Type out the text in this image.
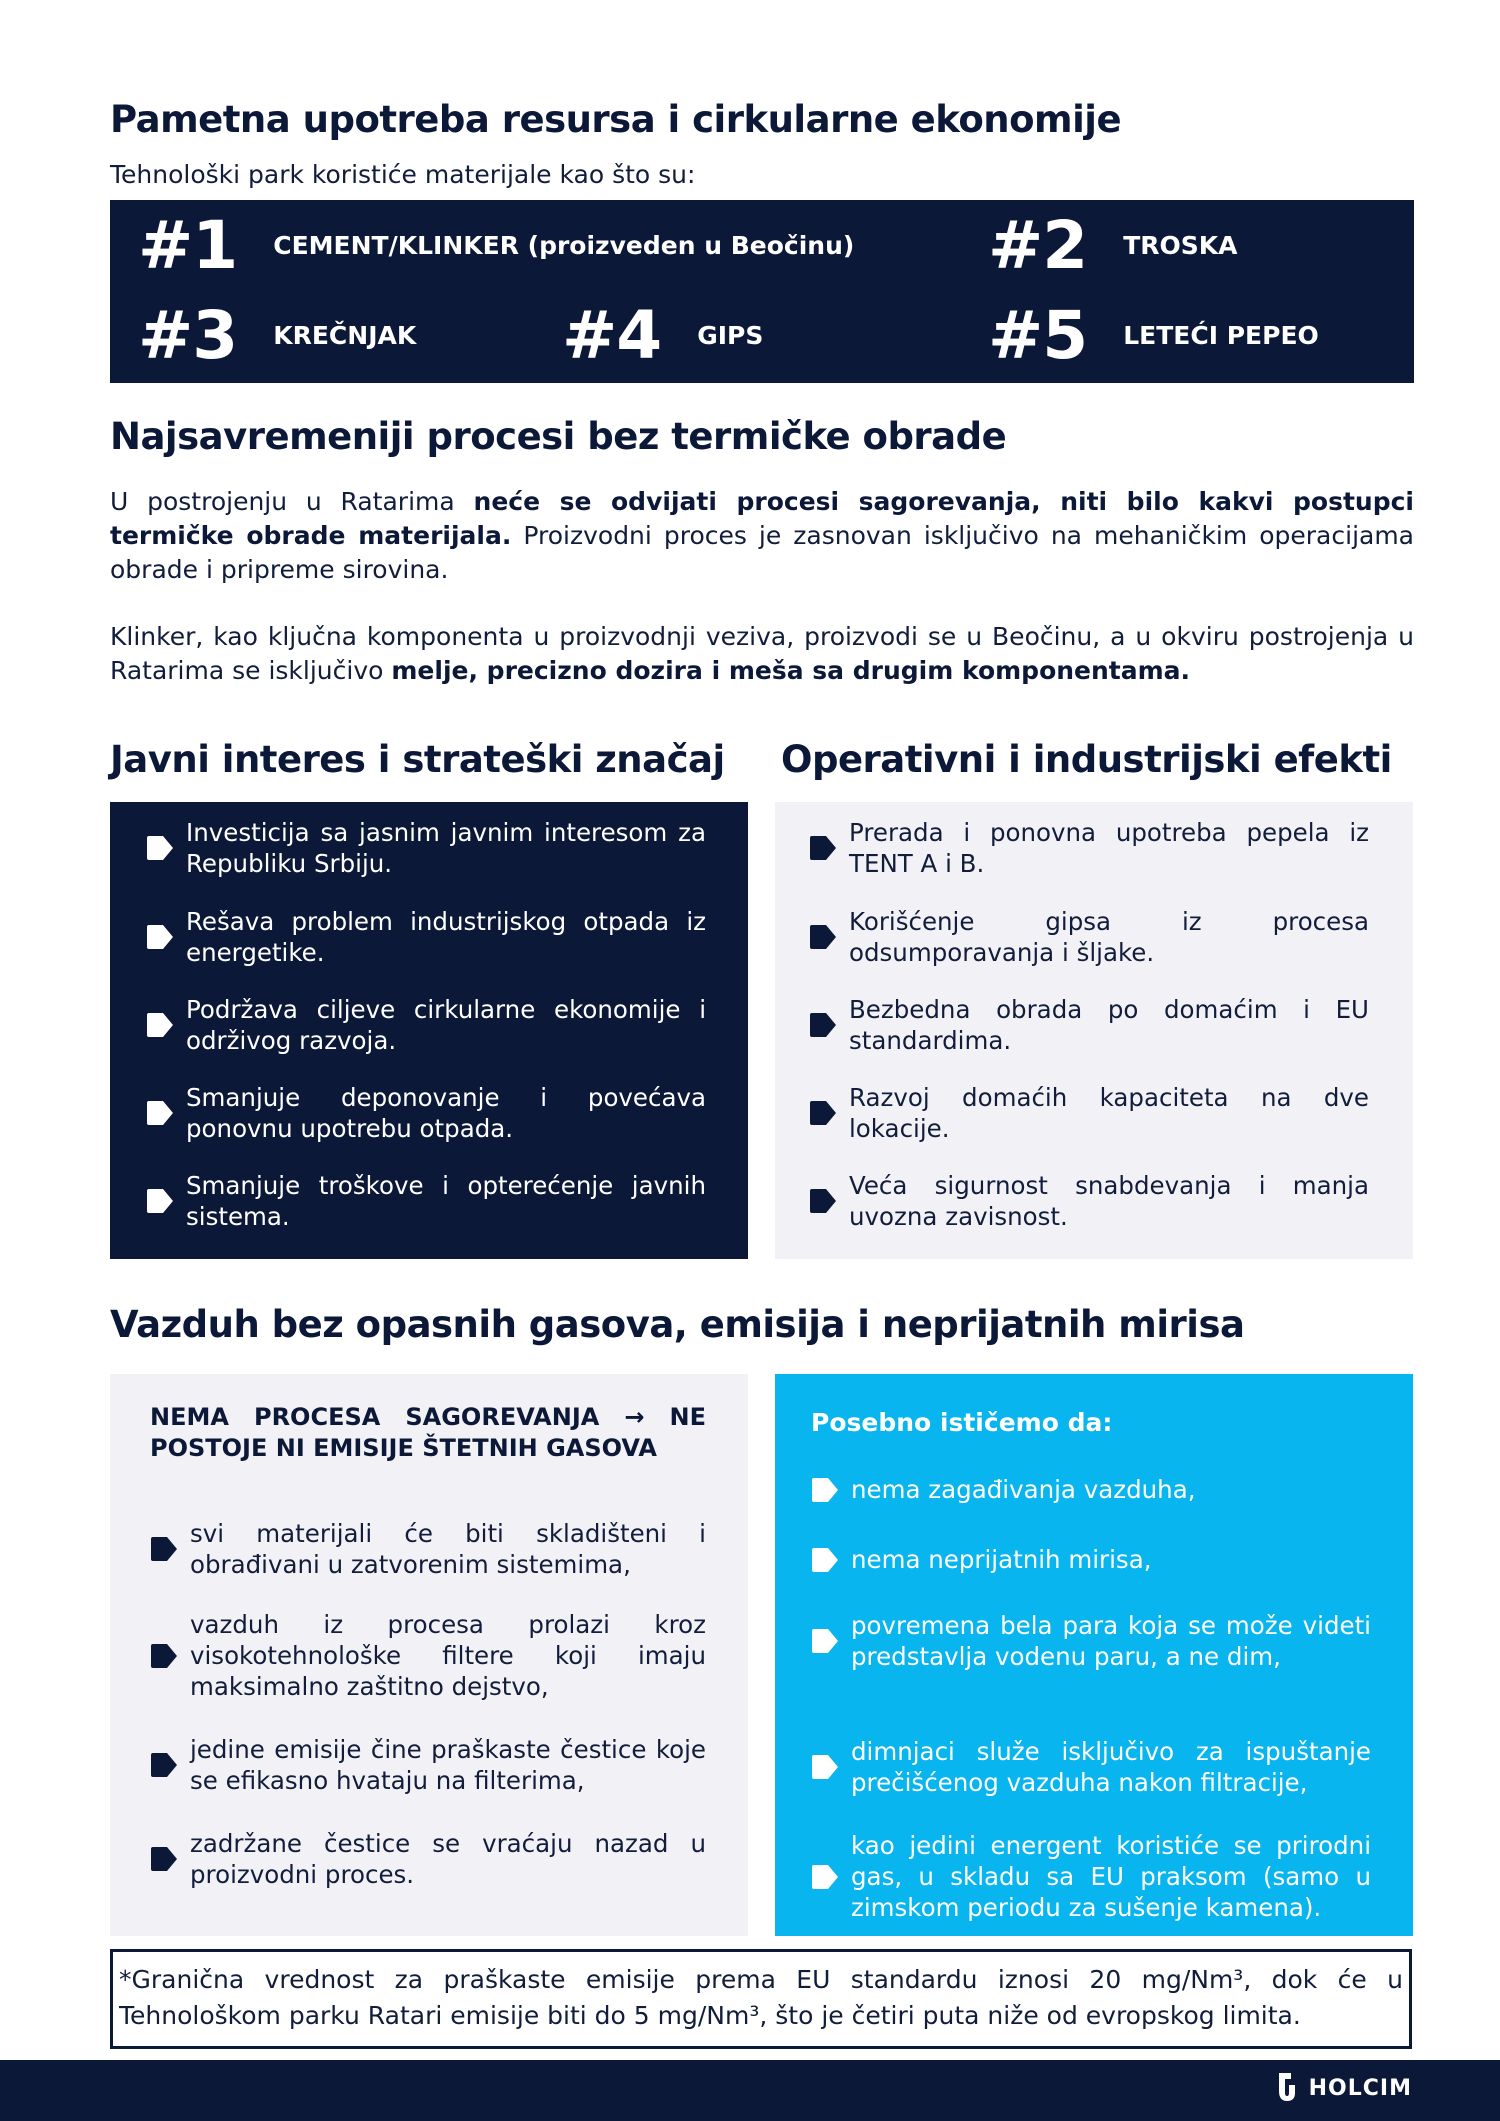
Pametna upotreba resursa i cirkularne ekonomije
Tehnološki park koristiće materijale kao što su:
#1 CEMENT/KLINKER (proizveden u Beočinu) #2 TROSKA
#3 KREČNJAK #4 GIPS	#5 LETEĆI PEPEO
Najsavremeniji procesi bez termičke obrade
U postrojenju u Ratarima neće se odvijati procesi sagorevanja, niti bilo kakvi postupci termičke obrade materijala. Proizvodni proces je zasnovan isključivo na mehaničkim operacijama obrade i pripreme sirovina.
Klinker, kao ključna komponenta u proizvodnji veziva, proizvodi se u Beočinu, a u okviru postrojenja u Ratarima se isključivo melje, precizno dozira i meša sa drugim komponentama.
Javni interes i strateški značaj Operativni i industrijski efekti
Investicija sa jasnim javnim interesom za Republiku Srbiju.
Rešava problem industrijskog otpada iz energetike.
Podržava ciljeve cirkularne ekonomije i održivog razvoja.
Smanjuje deponovanje i povećava ponovnu upotrebu otpada.
Smanjuje troškove i opterećenje javnih sistema.
Prerada i ponovna upotreba pepela iz TENT A i B.
Korišćenje gipsa iz procesa odsumporavanja i šljake.
Bezbedna obrada po domaćim i EU standardima.
Razvoj domaćih kapaciteta na dve lokacije.
Veća sigurnost snabdevanja i manja uvozna zavisnost.
Vazduh bez opasnih gasova, emisija i neprijatnih mirisa
NEMA PROCESA SAGOREVANJA → NE POSTOJE NI EMISIJE ŠTETNIH GASOVA
svi materijali će biti skladišteni i obrađivani u zatvorenim sistemima,
vazduh iz procesa prolazi kroz visokotehnološke filtere koji imaju maksimalno zaštitno dejstvo,
jedine emisije čine praškaste čestice koje se efikasno hvataju na filterima,
zadržane čestice se vraćaju nazad u proizvodni proces.
Posebno ističemo da:
nema zagađivanja vazduha,
nema neprijatnih mirisa,
povremena bela para koja se može videti predstavlja vodenu paru, a ne dim,
dimnjaci služe isključivo za ispuštanje prečišćenog vazduha nakon filtracije,
kao jedini energent koristiće se prirodni gas, u skladu sa EU praksom (samo u zimskom periodu za sušenje kamena).
*Granična vrednost za praškaste emisije prema EU standardu iznosi 20 mg/Nm³, dok će u
Tehnološkom parku Ratari emisije biti do 5 mg/Nm³, što je četiri puta niže od evropskog limita.
HOLCIM
